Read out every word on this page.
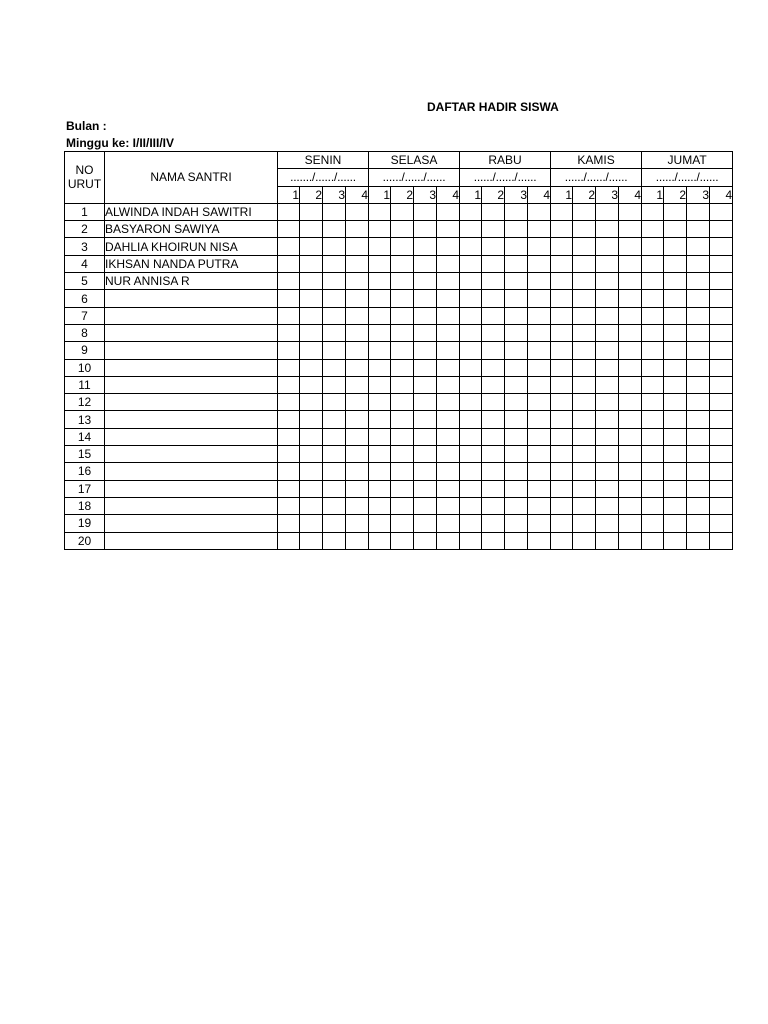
DAFTAR HADIR SISWA
Bulan :
Minggu ke: I/II/III/IV
NO
URUT	NAMA SANTRI	SENIN				SELASA				RABU				KAMIS				JUMAT			
		......./....../......				....../....../......				....../....../......				....../....../......				....../....../......			
		1	2	3	4	1	2	3	4	1	2	3	4	1	2	3	4	1	2	3	4
1	ALWINDA INDAH SAWITRI																				
2	BASYARON SAWIYA																				
3	DAHLIA KHOIRUN NISA																				
4	IKHSAN NANDA PUTRA																				
5	NUR ANNISA R																				
6																					
7																					
8																					
9																					
10																					
11																					
12																					
13																					
14																					
15																					
16																					
17																					
18																					
19																					
20																					
